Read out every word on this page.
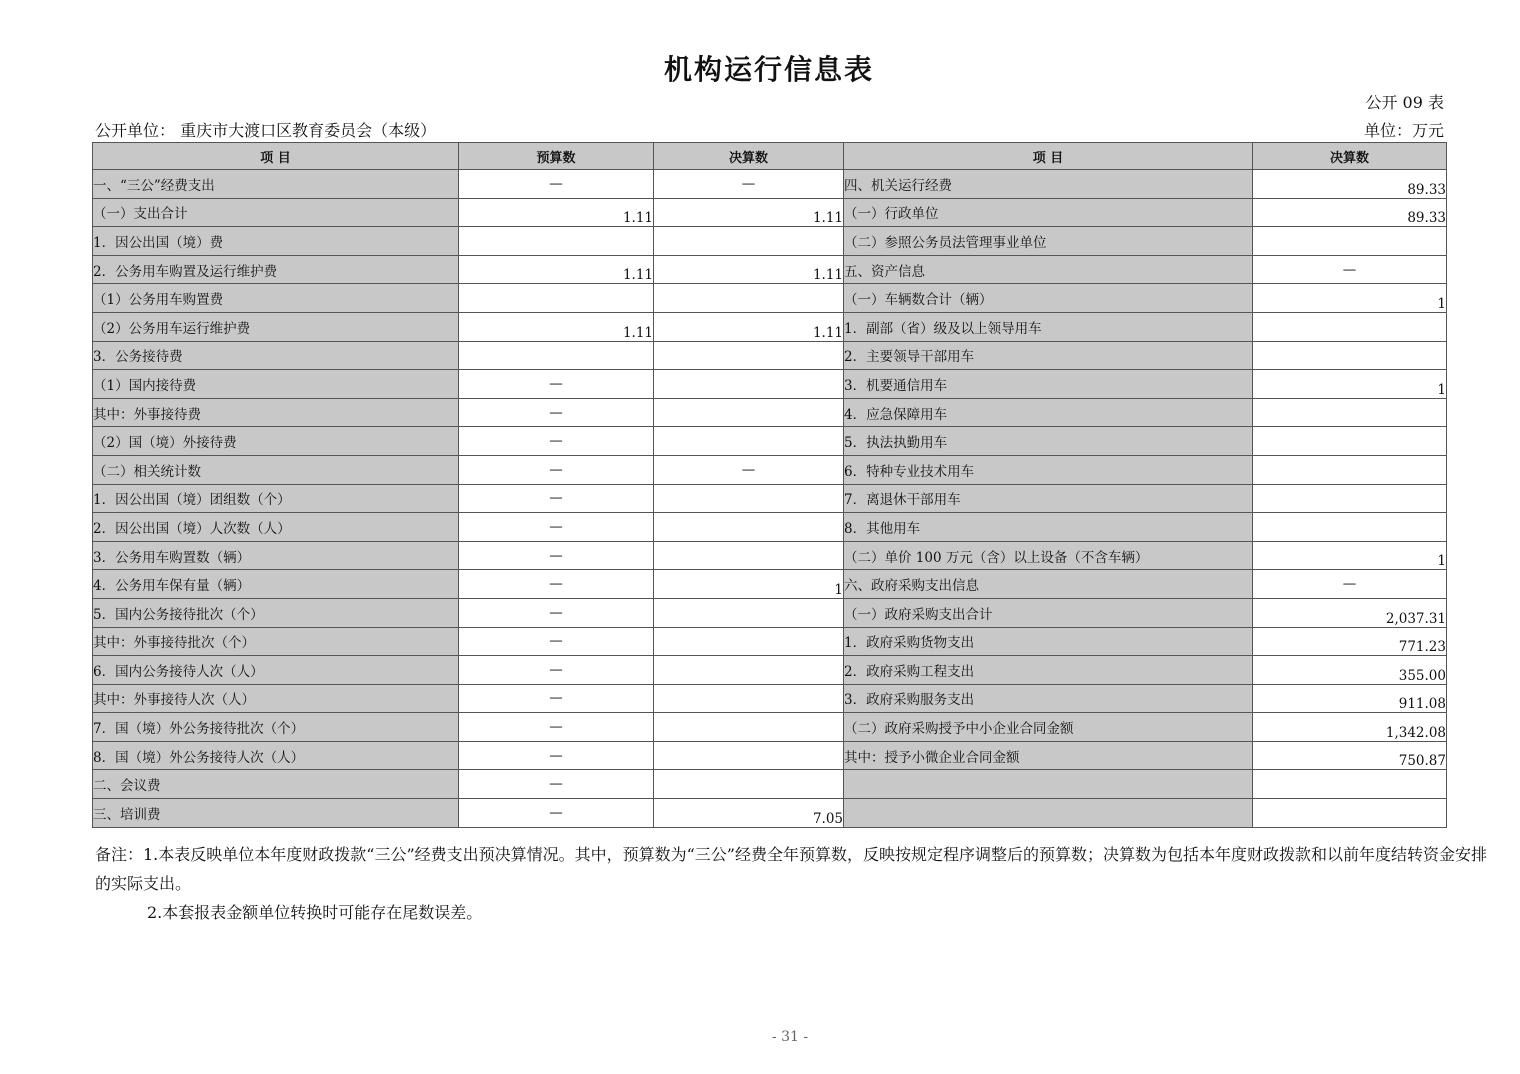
机构运行信息表
公开 09 表
公开单位： 重庆市大渡口区教育委员会（本级）	单位：万元
项 目	预算数	决算数	项 目	决算数
一、“三公”经费支出	—	—	四、机关运行经费	89.33
（一）支出合计	1.11	1.11	（一）行政单位	89.33
1．因公出国（境）费			（二）参照公务员法管理事业单位	
2．公务用车购置及运行维护费	1.11	1.11	五、资产信息	—
（1）公务用车购置费			（一）车辆数合计（辆）	1
（2）公务用车运行维护费	1.11	1.11	1．副部（省）级及以上领导用车	
3．公务接待费			2．主要领导干部用车	
（1）国内接待费	—		3．机要通信用车	1
其中：外事接待费	—		4．应急保障用车	
（2）国（境）外接待费	—		5．执法执勤用车	
（二）相关统计数	—	—	6．特种专业技术用车	
1．因公出国（境）团组数（个）	—		7．离退休干部用车	
2．因公出国（境）人次数（人）	—		8．其他用车	
3．公务用车购置数（辆）	—		（二）单价 100 万元（含）以上设备（不含车辆）	1
4．公务用车保有量（辆）	—	1	六、政府采购支出信息	—
5．国内公务接待批次（个）	—		（一）政府采购支出合计	2,037.31
其中：外事接待批次（个）	—		1．政府采购货物支出	771.23
6．国内公务接待人次（人）	—		2．政府采购工程支出	355.00
其中：外事接待人次（人）	—		3．政府采购服务支出	911.08
7．国（境）外公务接待批次（个）	—		（二）政府采购授予中小企业合同金额	1,342.08
8．国（境）外公务接待人次（人）	—		其中：授予小微企业合同金额	750.87
二、会议费	—			
三、培训费	—	7.05		

备注：1.本表反映单位本年度财政拨款“三公”经费支出预决算情况。其中，预算数为“三公”经费全年预算数，反映按规定程序调整后的预算数；决算数为包括本年度财政拨款和以前年度结转资金安排的实际支出。

2.本套报表金额单位转换时可能存在尾数误差。

- 31 -
